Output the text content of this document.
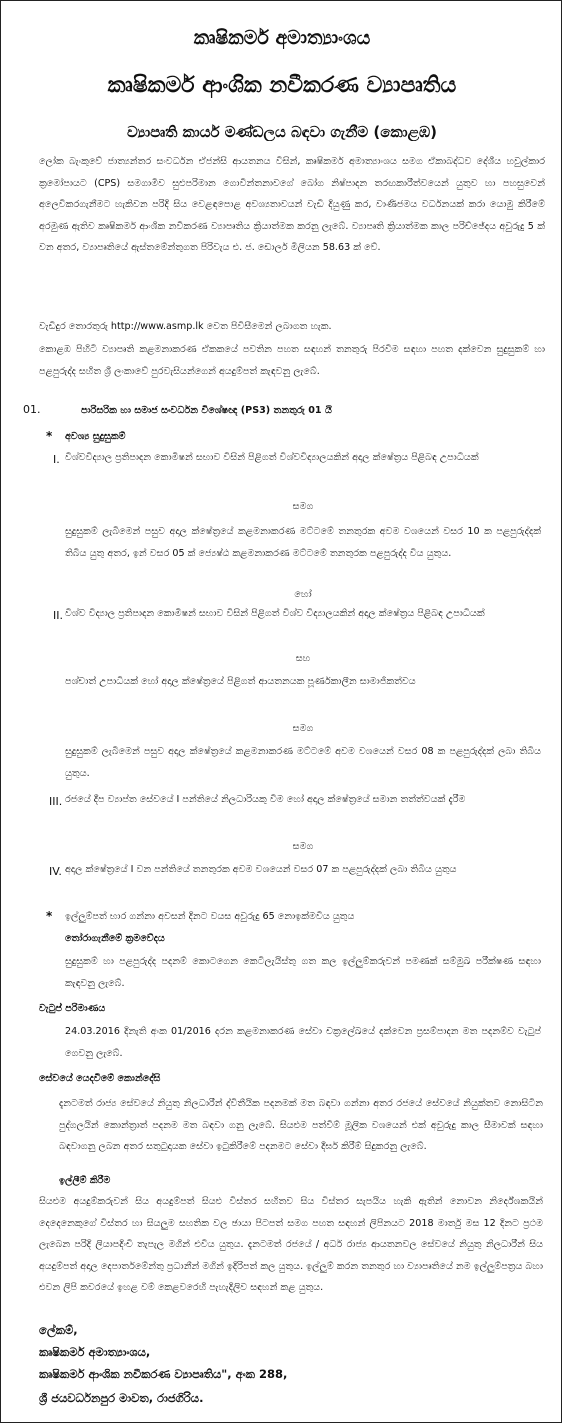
කෘෂිකර්ම අමාත්‍යාංශය
කෘෂිකර්ම ආංශික නවීකරණ ව්‍යාපෘතිය
ව්‍යාපෘති කාර්ය මණ්ඩලය බඳවා ගැනීම (කොළඹ)
ලෝක බැංකුවේ ජාත්‍යන්තර සංවර්ධන ඒජන්සි ආයතනය විසින්, කෘෂිකර්ම අමාත්‍යාංශය සමග ඒකාබද්ධව දේශීය හවුල්කාර ක්‍රමෝපායට (CPS) සමගාමීව සුළුපරිමාන ගොවීන්තනාවගේ බෝග නිෂ්පාදන තරඟකාරීත්වයෙන් යුතුව හා පහසුවෙන් අලෙවිකරගැනීමට හැකිවන පරිදි සිය වෙළඳපොළ අවශ්‍යතාවයන් වැඩි දියුණු කර, වාණිජමය වර්ධනයක් කරා යොමු කිරීමේ අරමුණ ඇතිව කෘෂිකර්ම ආංශික නවීකරණ ව්‍යාපෘතිය ක්‍රියාත්මක කරනු ලැබේ. ව්‍යාපෘති ක්‍රියාත්මක කාල පරිච්ඡේදය අවුරුදු 5 ක් වන අතර, ව්‍යාපෘතියේ ඇස්තමේන්තුගත පිරිවැය එ. ජ. ඩොලර් මිලියන 58.63 ක් වේ.
වැඩිදුර තොරතුරු http://www.asmp.lk වෙත පිවිසීමෙන් ලබාගත හැක.
කොළඹ පිහිටි ව්‍යාපෘති කළමනාකරණ ඒකකයේ පවතින පහත සඳහන් තනතුරු පිරවීම සඳහා පහත දක්වෙන සුදුසුකම් හා පළපුරුද්ද සහිත ශ්‍රී ලංකාවේ පුරවැසියන්ගෙන් අයදුම්පත් කැඳවනු ලැබේ.
01.	පාරිසරික හා සමාජ සංවර්ධන විශේෂඥ (PS3) තනතුරු 01 යි
* අවශ්‍ය සුදුසුකම්
I. විශ්වවිද්‍යාල ප්‍රතිපාදන කොමිෂන් සභාව විසින් පිළිගත් විශ්වවිද්‍යාලයකින් අදාල ක්ෂේත්‍රය පිළිබඳ උපාධියක්
සමග
සුදුසුකම් ලැබීමෙන් පසුව අදාල ක්ෂේත්‍රයේ කළමනාකරණ මට්ටමේ තනතුරක අවම වශයෙන් වසර 10 ක පළපුරුද්දක් තිබිය යුතු අතර, ඉන් වසර 05 ක් ජ්‍යෙෂ්ඨ කළමනාකරණ මට්ටමේ තනතුරක පළපුරුද්ද විය යුතුය.
හෝ
II. විශ්ව විද්‍යාල ප්‍රතිපාදන කොමිෂන් සභාව විසින් පිළිගත් විශ්ව විද්‍යාලයකින් අදාල ක්ෂේත්‍රය පිළිබඳ උපාධියක්
සහ
පශ්චාත් උපාධියක් හෝ අදාල ක්ෂේත්‍රයේ පිළිගත් ආයතනයක පූර්ණකාලීන සාමාජිකත්වය
සමග
සුදුසුකම් ලැබීමෙන් පසුව අදාල ක්ෂේත්‍රයේ කළමනාකරණ මට්ටමේ අවම වශයෙන් වසර 08 ක පළපුරුද්දක් ලබා තිබිය යුතුය.
III. රජයේ දීප ව්‍යාප්ත සේවයේ I පන්තියේ නිලධාරියකු වීම හෝ අදාල ක්ෂේත්‍රයේ සමාන තත්ත්වයක් දැරීම
සමග
IV. අදාල ක්ෂේත්‍රයේ I වන පන්තියේ තනතුරක අවම වශයෙන් වසර 07 ක පළපුරුද්දක් ලබා තිබිය යුතුය
* ඉල්ලුම්පත් භාර ගන්නා අවසන් දිනට වයස අවුරුදු 65 නොඉක්මවිය යුතුය
තෝරාගැනීමේ ක්‍රමවේදය
සුදුසුකම් හා පළපුරුද්ද පදනම් කොටගෙන කෙටිලැයිස්තු ගත කල ඉල්ලුම්කරුවන් පමණක් සම්මුඛ පරීක්ෂණ සඳහා කැඳවනු ලැබේ.
වැටුප් පරිමාණය
24.03.2016 දිනැති අංක 01/2016 දරන කළමනාකරණ සේවා චක්‍රලේඛයේ දක්වෙන ප්‍රසම්පාදන මත පදනම්ව වැටුප් ගෙවනු ලැබේ.
සේවයේ යෙදවීමේ කොන්දේසි
දැනටමත් රාජ්‍ය සේවයේ නියුතු නිලධාරීන් ද්විතීයික පදනමක් මත බඳවා ගන්නා අතර රජයේ සේවයේ නියුක්තව නොසිටින පුද්ගලයින් කොන්ත්‍රාත් පදනම මත බඳවා ගනු ලැබේ. සියළුම පත්වීම් මූලික වශයෙන් එක් අවුරුදු කාල සීමාවක් සඳහා බඳවාගනු ලබන අතර සතුටුදායක සේවා ඉටුකිරීමේ පදනමට සේවා දීර්ඝ කිරීම් සිදුකරනු ලැබේ.
ඉල්ලීම් කිරීම
සියළුම අයදුම්කරුවන් සිය අයදුම්පත් සියළු විස්තර සහිතව සිය විස්තර සැපයිය හැකි ඇතින් නොවන නිර්දේශකයින් දෙදෙනෙකුගේ විස්තර හා සියලුම සහතික වල ඡායා පිටපත් සමග පහත සඳහන් ලිපිනයට 2018 මාර්තු මස 12 දිනට ප්‍රථම ලැබෙන පරිදි ලියාපදිංචි තැපැල මගින් එවිය යුතුය. දැනටමත් රජයේ / අර්ධ රාජ්‍ය ආයතනවල සේවයේ නියුතු නිලධාරීන් සිය අයදුම්පත් අදාල දෙපාර්තමේන්තු ප්‍රධානීන් මගින් ඉදිරිපත් කල යුතුය. ඉල්ලුම් කරන තනතුර හා ව්‍යාපෘතියේ නම ඉල්ලුම්පත්‍රය බහා එවන ලිපි කවරයේ ඉහළ වම් කෙළවරෙහි පැහැදිලිව සඳහන් කළ යුතුය.
ලේකම්,
කෘෂිකර්ම අමාත්‍යාංශය,
කෘෂිකර්ම ආංශික නවීකරණ ව්‍යාපෘතිය", අංක 288,
ශ්‍රී ජයවර්ධනපුර මාවත, රාජගිරිය.
